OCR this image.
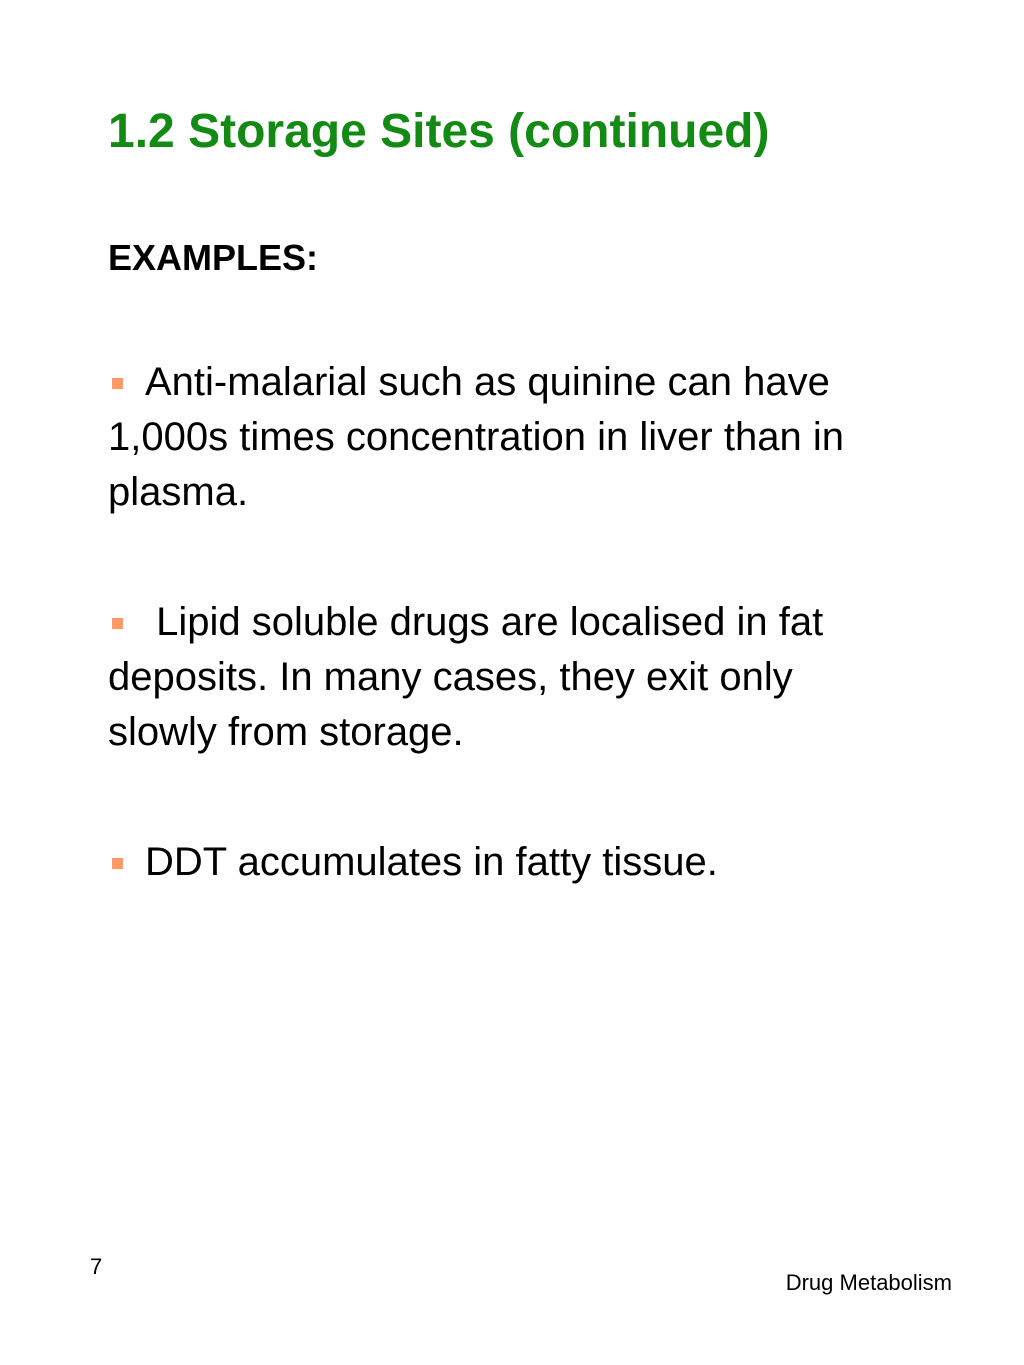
1.2 Storage Sites (continued)
EXAMPLES:

Anti-malarial such as quinine can have 1,000s times concentration in liver than in plasma.

Lipid soluble drugs are localised in fat deposits. In many cases, they exit only slowly from storage.

DDT accumulates in fatty tissue.

7
Drug Metabolism
